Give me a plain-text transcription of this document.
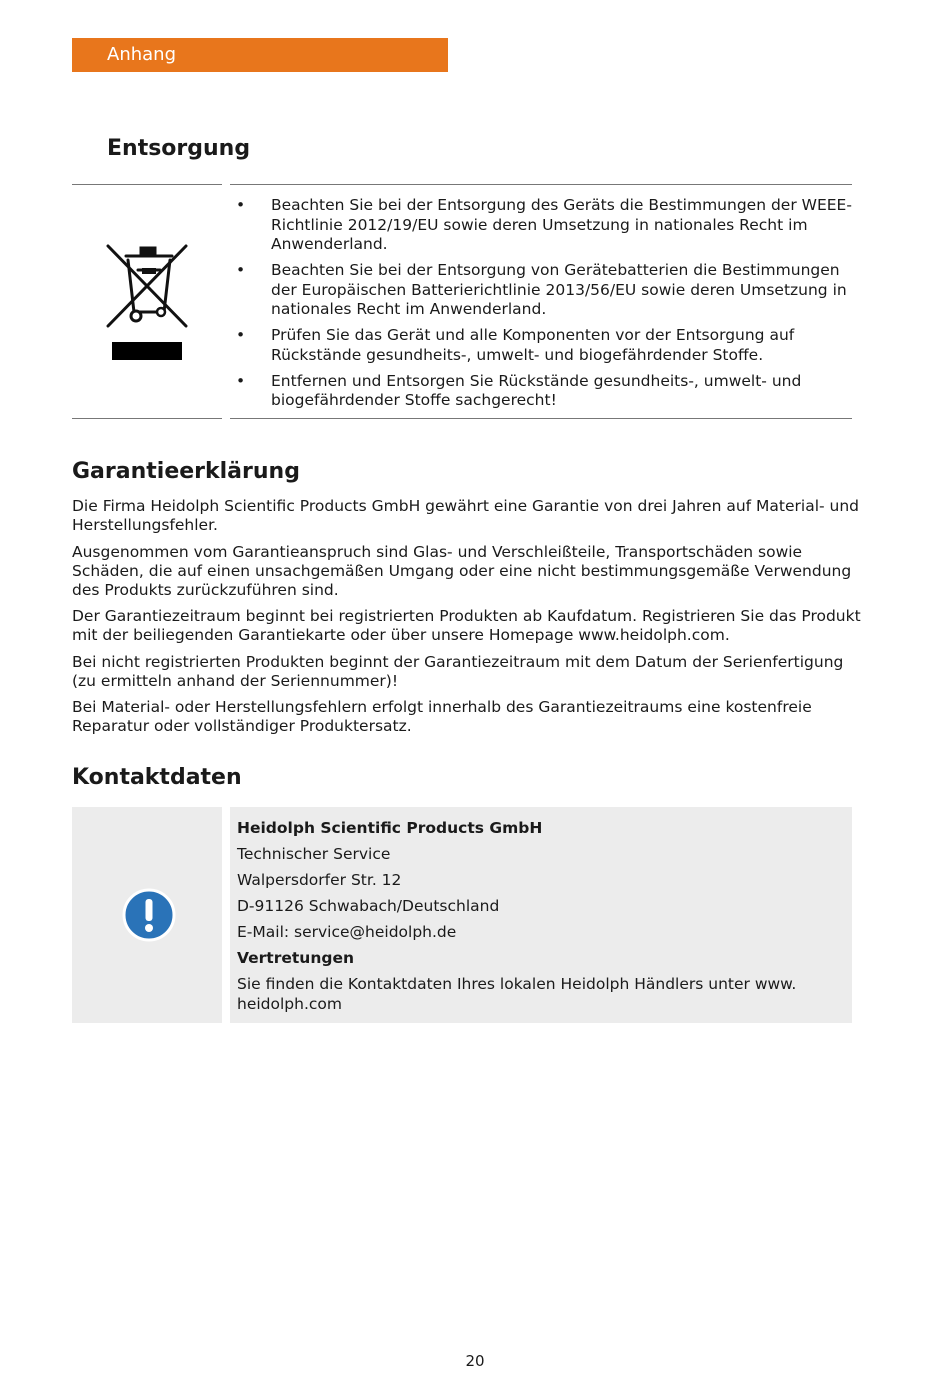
Anhang
Entsorgung
• Beachten Sie bei der Entsorgung des Geräts die Bestimmungen der WEEE-Richtlinie 2012/19/EU sowie deren Umsetzung in nationales Recht im Anwenderland.
• Beachten Sie bei der Entsorgung von Gerätebatterien die Bestimmungen der Europäischen Batterierichtlinie 2013/56/EU sowie deren Umsetzung in nationales Recht im Anwenderland.
• Prüfen Sie das Gerät und alle Komponenten vor der Entsorgung auf Rückstände gesundheits-, umwelt- und biogefährdender Stoffe.
• Entfernen und Entsorgen Sie Rückstände gesundheits-, umwelt- und biogefährdender Stoffe sachgerecht!
Garantieerklärung

Die Firma Heidolph Scientific Products GmbH gewährt eine Garantie von drei Jahren auf Material- und Herstellungsfehler.

Ausgenommen vom Garantieanspruch sind Glas- und Verschleißteile, Transportschäden sowie Schäden, die auf einen unsachgemäßen Umgang oder eine nicht bestimmungsgemäße Verwendung des Produkts zurückzuführen sind.

Der Garantiezeitraum beginnt bei registrierten Produkten ab Kaufdatum. Registrieren Sie das Produkt mit der beiliegenden Garantiekarte oder über unsere Homepage www.heidolph.com.

Bei nicht registrierten Produkten beginnt der Garantiezeitraum mit dem Datum der Serienfertigung (zu ermitteln anhand der Seriennummer)!

Bei Material- oder Herstellungsfehlern erfolgt innerhalb des Garantiezeitraums eine kostenfreie Reparatur oder vollständiger Produktersatz.

Kontaktdaten
Heidolph Scientific Products GmbH
Technischer Service
Walpersdorfer Str. 12
D-91126 Schwabach/Deutschland
E-Mail: service@heidolph.de
Vertretungen
Sie finden die Kontaktdaten Ihres lokalen Heidolph Händlers unter www. heidolph.com
20
